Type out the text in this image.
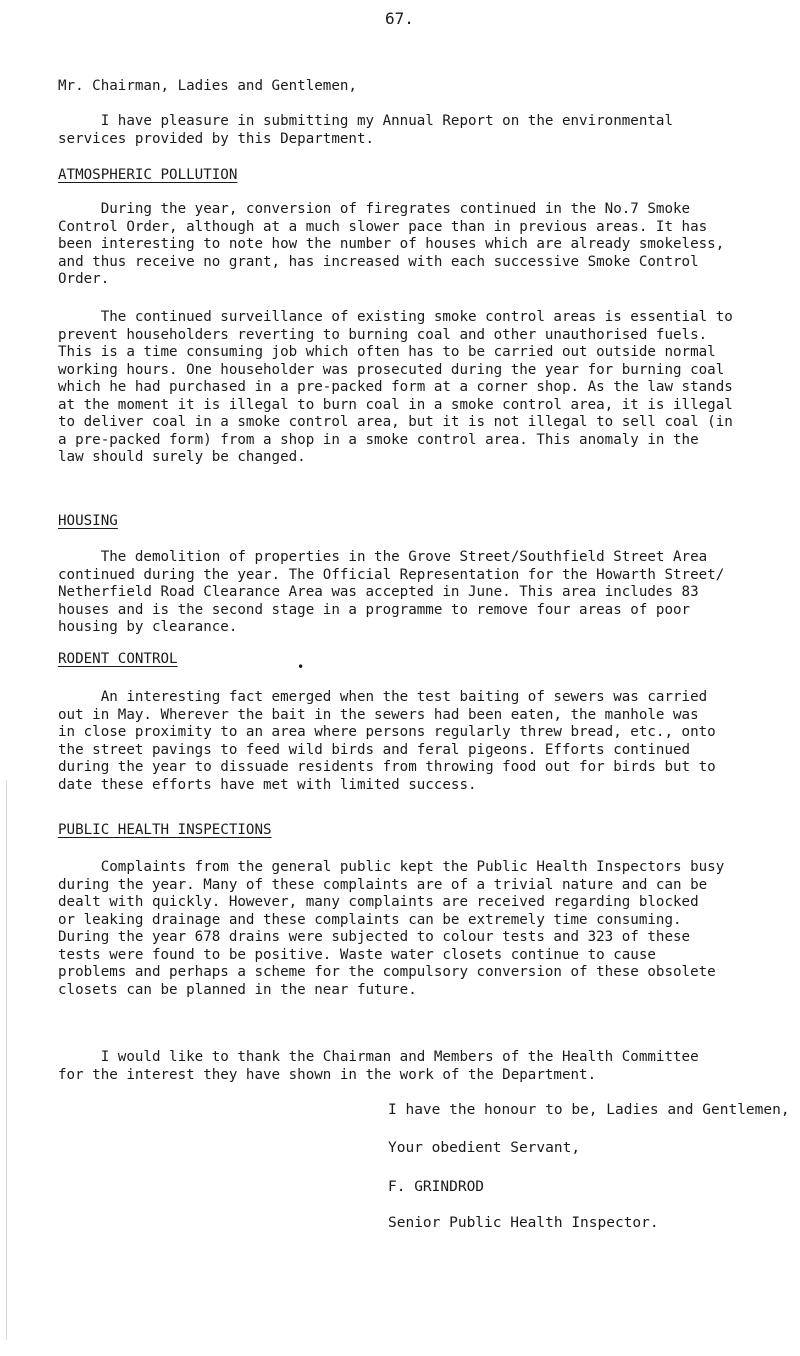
67.

Mr. Chairman, Ladies and Gentlemen,

I have pleasure in submitting my Annual Report on the environmental
services provided by this Department.

ATMOSPHERIC POLLUTION

During the year, conversion of firegrates continued in the No.7 Smoke
Control Order, although at a much slower pace than in previous areas. It has
been interesting to note how the number of houses which are already smokeless,
and thus receive no grant, has increased with each successive Smoke Control
Order.

The continued surveillance of existing smoke control areas is essential to
prevent householders reverting to burning coal and other unauthorised fuels.
This is a time consuming job which often has to be carried out outside normal
working hours. One householder was prosecuted during the year for burning coal
which he had purchased in a pre-packed form at a corner shop. As the law stands
at the moment it is illegal to burn coal in a smoke control area, it is illegal
to deliver coal in a smoke control area, but it is not illegal to sell coal (in
a pre-packed form) from a shop in a smoke control area. This anomaly in the
law should surely be changed.

HOUSING

The demolition of properties in the Grove Street/Southfield Street Area
continued during the year. The Official Representation for the Howarth Street/
Netherfield Road Clearance Area was accepted in June. This area includes 83
houses and is the second stage in a programme to remove four areas of poor
housing by clearance.

RODENT CONTROL	•

An interesting fact emerged when the test baiting of sewers was carried
out in May. Wherever the bait in the sewers had been eaten, the manhole was
in close proximity to an area where persons regularly threw bread, etc., onto
the street pavings to feed wild birds and feral pigeons. Efforts continued
during the year to dissuade residents from throwing food out for birds but to
date these efforts have met with limited success.

PUBLIC HEALTH INSPECTIONS

Complaints from the general public kept the Public Health Inspectors busy
during the year. Many of these complaints are of a trivial nature and can be
dealt with quickly. However, many complaints are received regarding blocked
or leaking drainage and these complaints can be extremely time consuming.
During the year 678 drains were subjected to colour tests and 323 of these
tests were found to be positive. Waste water closets continue to cause
problems and perhaps a scheme for the compulsory conversion of these obsolete
closets can be planned in the near future.

I would like to thank the Chairman and Members of the Health Committee
for the interest they have shown in the work of the Department.

I have the honour to be, Ladies and Gentlemen,
Your obedient Servant,
F. GRINDROD
Senior Public Health Inspector.
